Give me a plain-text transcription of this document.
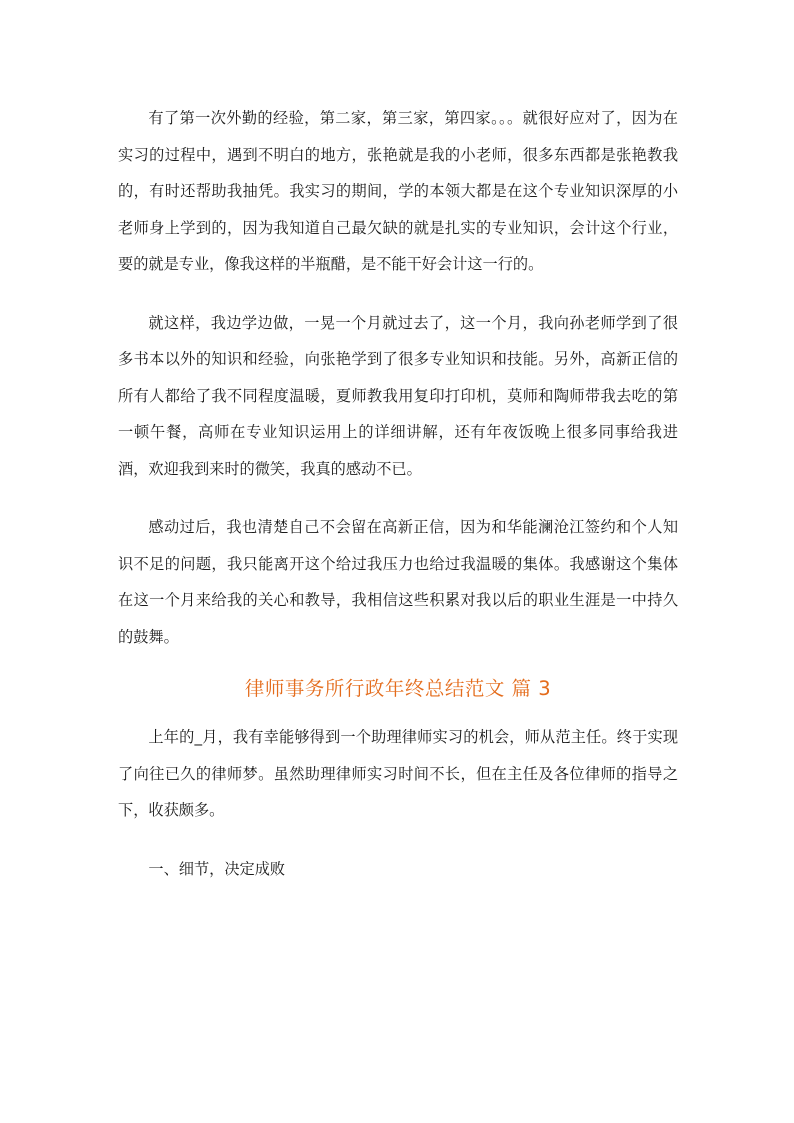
有了第一次外勤的经验，第二家，第三家，第四家。。。就很好应对了，因为在实习的过程中，遇到不明白的地方，张艳就是我的小老师，很多东西都是张艳教我的，有时还帮助我抽凭。我实习的期间，学的本领大都是在这个专业知识深厚的小老师身上学到的，因为我知道自己最欠缺的就是扎实的专业知识，会计这个行业，要的就是专业，像我这样的半瓶醋，是不能干好会计这一行的。

就这样，我边学边做，一晃一个月就过去了，这一个月，我向孙老师学到了很多书本以外的知识和经验，向张艳学到了很多专业知识和技能。另外，高新正信的所有人都给了我不同程度温暖，夏师教我用复印打印机，莫师和陶师带我去吃的第一顿午餐，高师在专业知识运用上的详细讲解，还有年夜饭晚上很多同事给我进酒，欢迎我到来时的微笑，我真的感动不已。

感动过后，我也清楚自己不会留在高新正信，因为和华能澜沧江签约和个人知识不足的问题，我只能离开这个给过我压力也给过我温暖的集体。我感谢这个集体在这一个月来给我的关心和教导，我相信这些积累对我以后的职业生涯是一中持久的鼓舞。

律师事务所行政年终总结范文 篇 3

上年的_月，我有幸能够得到一个助理律师实习的机会，师从范主任。终于实现了向往已久的律师梦。虽然助理律师实习时间不长，但在主任及各位律师的指导之下，收获颇多。

一、细节，决定成败
